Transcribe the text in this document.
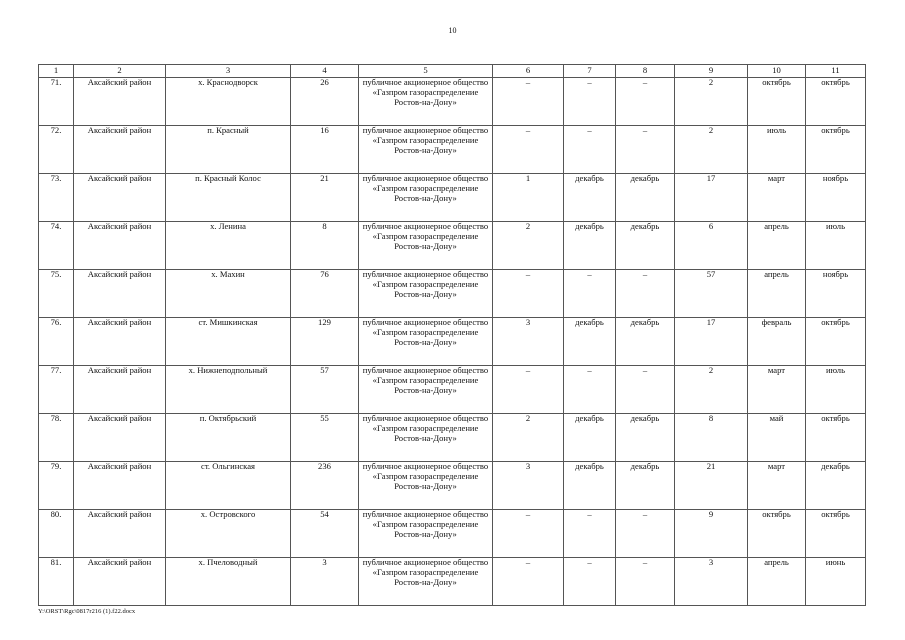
10
1	2	3	4	5	6	7	8	9	10	11
71.	Аксайский район	х. Краснодворск	26	публичное акционерное общество «Газпром газораспределение Ростов-на-Дону»	–	–	–	2	октябрь	октябрь
72.	Аксайский район	п. Красный	16	публичное акционерное общество «Газпром газораспределение Ростов-на-Дону»	–	–	–	2	июль	октябрь
73.	Аксайский район	п. Красный Колос	21	публичное акционерное общество «Газпром газораспределение Ростов-на-Дону»	1	декабрь	декабрь	17	март	ноябрь
74.	Аксайский район	х. Ленина	8	публичное акционерное общество «Газпром газораспределение Ростов-на-Дону»	2	декабрь	декабрь	6	апрель	июль
75.	Аксайский район	х. Махин	76	публичное акционерное общество «Газпром газораспределение Ростов-на-Дону»	–	–	–	57	апрель	ноябрь
76.	Аксайский район	ст. Мишкинская	129	публичное акционерное общество «Газпром газораспределение Ростов-на-Дону»	3	декабрь	декабрь	17	февраль	октябрь
77.	Аксайский район	х. Нижнеподпольный	57	публичное акционерное общество «Газпром газораспределение Ростов-на-Дону»	–	–	–	2	март	июль
78.	Аксайский район	п. Октябрьский	55	публичное акционерное общество «Газпром газораспределение Ростов-на-Дону»	2	декабрь	декабрь	8	май	октябрь
79.	Аксайский район	ст. Ольгинская	236	публичное акционерное общество «Газпром газораспределение Ростов-на-Дону»	3	декабрь	декабрь	21	март	декабрь
80.	Аксайский район	х. Островского	54	публичное акционерное общество «Газпром газораспределение Ростов-на-Дону»	–	–	–	9	октябрь	октябрь
81.	Аксайский район	х. Пчеловодный	3	публичное акционерное общество «Газпром газораспределение Ростов-на-Дону»	–	–	–	3	апрель	июнь
Y:\ORST\Rgc\0817r216 (1).f22.docx
